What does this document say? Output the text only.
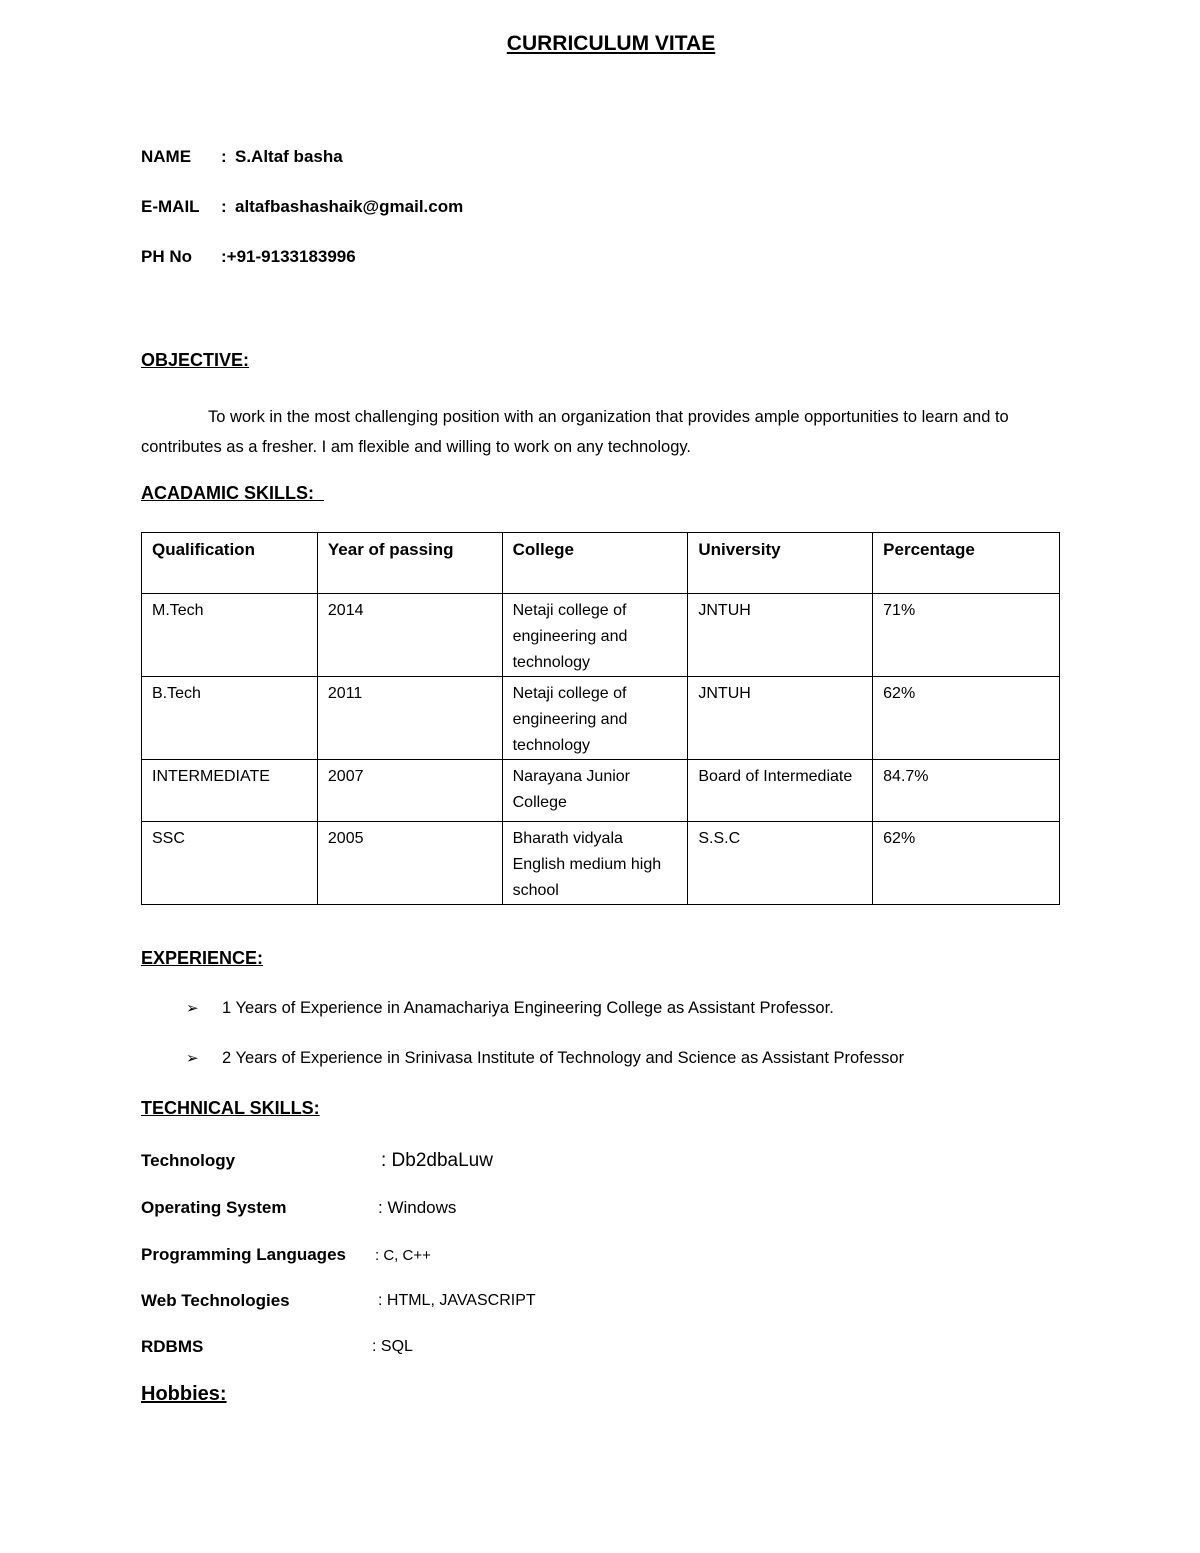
CURRICULUM VITAE
NAME : S.Altaf basha
E-MAIL : altafbashashaik@gmail.com
PH No :+91-9133183996
OBJECTIVE:
To work in the most challenging position with an organization that provides ample opportunities to learn and to contributes as a fresher. I am flexible and willing to work on any technology.
ACADAMIC SKILLS:
Qualification	Year of passing	College	University	Percentage
M.Tech	2014	Netaji college of engineering and technology	JNTUH	71%
B.Tech	2011	Netaji college of engineering and technology	JNTUH	62%
INTERMEDIATE	2007	Narayana Junior College	Board of Intermediate	84.7%
SSC	2005	Bharath vidyala English medium high school	S.S.C	62%
EXPERIENCE:
➢ 1 Years of Experience in Anamachariya Engineering College as Assistant Professor.
➢ 2 Years of Experience in Srinivasa Institute of Technology and Science as Assistant Professor
TECHNICAL SKILLS:
Technology	: Db2dbaLuw
Operating System	: Windows
Programming Languages : C, C++
Web Technologies	: HTML, JAVASCRIPT
RDBMS	: SQL
Hobbies:
